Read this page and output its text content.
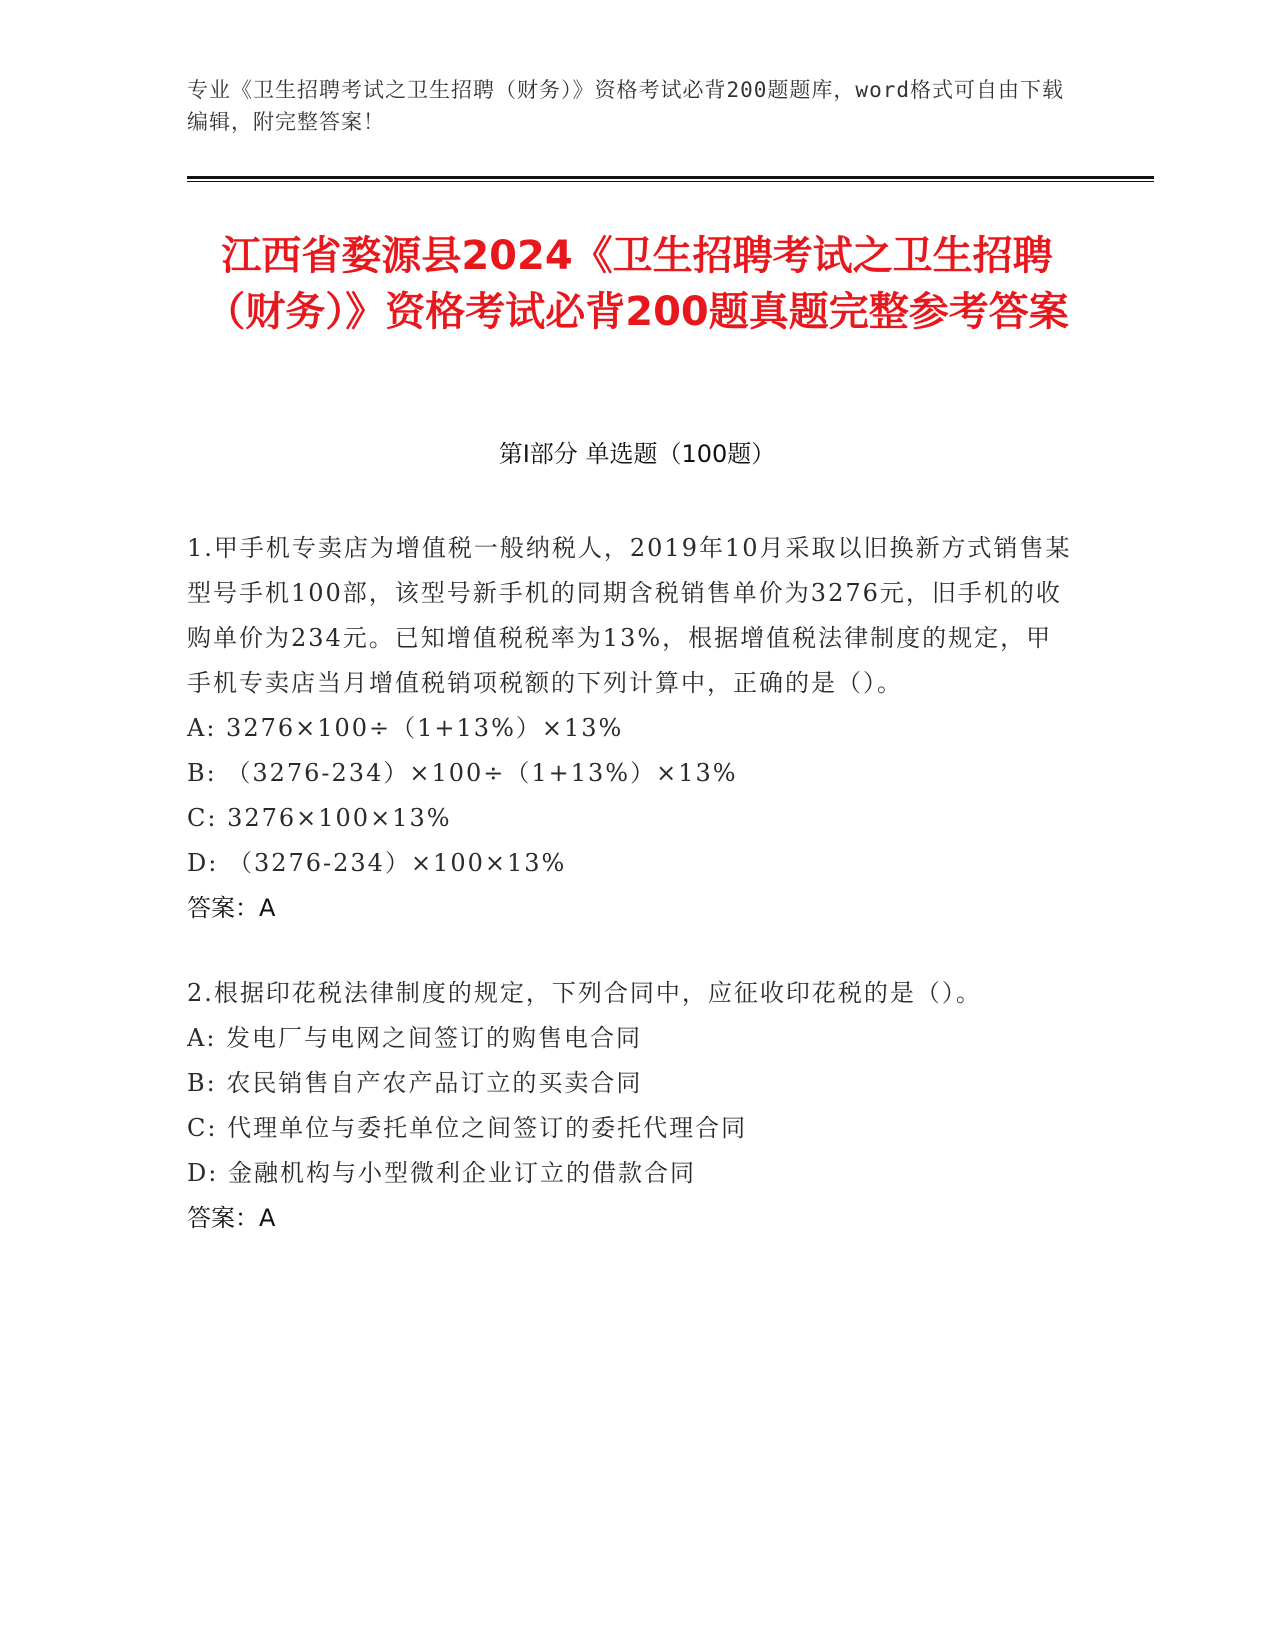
专业《卫生招聘考试之卫生招聘（财务）》资格考试必背200题题库，word格式可自由下载编辑，附完整答案！
江西省婺源县2024《卫生招聘考试之卫生招聘（财务）》资格考试必背200题真题完整参考答案
第I部分 单选题（100题）

1.甲手机专卖店为增值税一般纳税人，2019年10月采取以旧换新方式销售某型号手机100部，该型号新手机的同期含税销售单价为3276元，旧手机的收购单价为234元。已知增值税税率为13%，根据增值税法律制度的规定，甲手机专卖店当月增值税销项税额的下列计算中，正确的是（）。

A: 3276×100÷（1+13%）×13%

B: （3276-234）×100÷（1+13%）×13%

C: 3276×100×13%

D: （3276-234）×100×13%

答案：A

2.根据印花税法律制度的规定，下列合同中，应征收印花税的是（）。

A: 发电厂与电网之间签订的购售电合同

B: 农民销售自产农产品订立的买卖合同

C: 代理单位与委托单位之间签订的委托代理合同

D: 金融机构与小型微利企业订立的借款合同

答案：A
